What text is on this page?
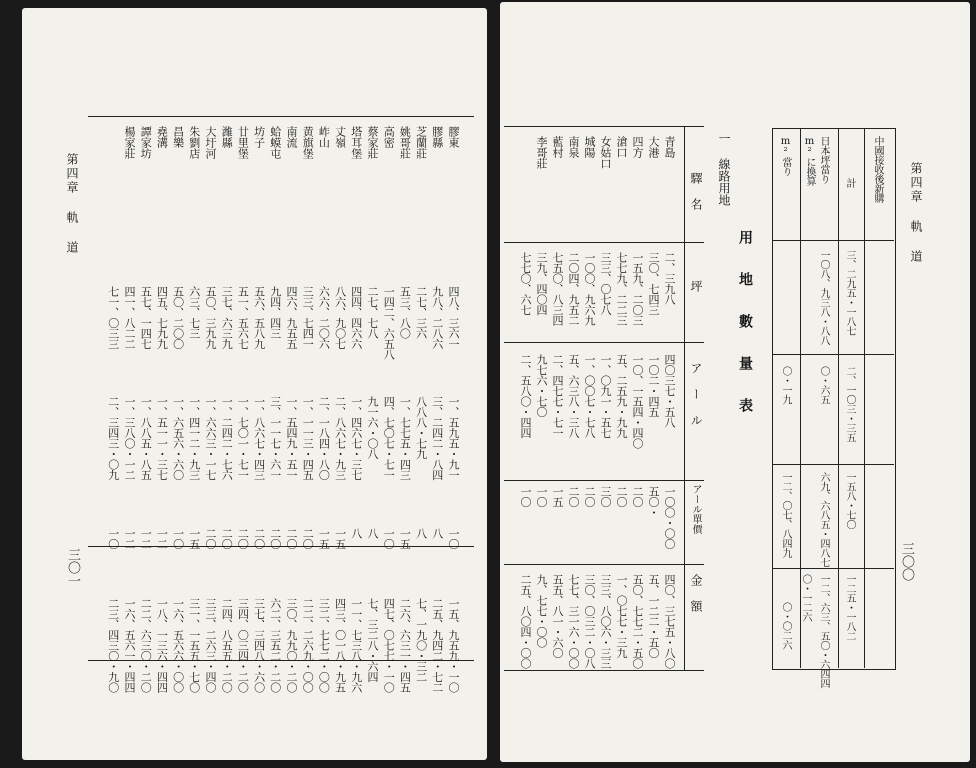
第四章 軌 道
三〇一
膠東
四八、三六一
一、五九五・九一
一〇
一五、九五九・一〇
膠縣
九八、二八六
三、二四二・八四
八
二五、九四二・七二
芝蘭莊
二七、三六
八八八・七九
八
七、一九〇・三二
姚哥莊
五三、八〇
一、七七五・四三
一五
二六、六三一・四五
高密
一四二、六五八
四、七〇七・七一
一〇
四七、〇七七・一〇
蔡家莊
二七、七八
九一六・〇八
八
七、三二八・六四
塔耳堡
四四、四六六
一、四六七・三七
八
一一、七三八・九六
丈嶺
八六、九〇七
二、八六七・九三
一五
四三、〇一八・九五
岞山
六六、二〇六
二、一八四・八〇
一五
三二、七七二・〇〇
黄旗堡
三三、七四一
一、一一三・四五
二〇
二二、二六九・〇〇
南流
四六、九五五
一、五四九・五一
二〇
三〇、九九〇・二〇
蛤蟆屯
九四、四三
三、一一七・六一
二〇
六二、三五二・二〇
坊子
五六、五八九
一、八六七・四三
二〇
三七、三四八・六〇
廿里堡
五一、五六七
一、七〇一・七一
二〇
三四、〇三四・二〇
濰縣
三七、六三九
一、二四二・七六
二〇
二四、八五五・二〇
大圩河
五〇、三九九
一、六六三・一七
二〇
三三、二六三・四〇
朱劉店
六三、七三
一、四一二・九三
一五
三一、一五五・七〇
昌樂
五〇、二〇〇
一、六五六・六〇
一〇
一六、五六六・〇〇
堯溝
四五、七九九
一、五一一・三七
一二
一八、一三六・四四
譚家坊
五七、一四七
一、八八五・八五
一二
二二、六三〇・二〇
楊家莊
四一、八二二
一、三八〇・一二
一二
一六、五六一・四四
七一、〇三三
二、三四三・〇九
一〇
二三、四三〇・九〇
第四章 軌 道
三〇〇
用 地 數 量 表
ㅡ 線路用地
驛 名
坪
ア ー ル
アール單價
金 額
青島
二、三九八
四〇三七・五八
一〇〇・〇〇
四〇、三七五・八〇
大港
三〇、七四三
一〇二・四五
五〇・
五、一二二・五〇
四方
一五九、二〇三
一〇、一五四・四〇
二〇
五〇、七七二・五〇
滄口
七七九、二二三
五、二五九・九九
二〇
一、〇七七・三九
女姑口
三三、〇七八
一、〇九一・五七
三〇
三三、八〇六・三三
城陽
一〇〇、九六九
一、〇〇七・七八
二〇
三〇、〇三二・〇八
南泉
二〇四、九五二
五、六三八・三八
二〇
七七、三一六・〇〇
藍村
七五〇、八三四
二、四七七・七一
一五
五五、八一・六〇
李哥莊
三九、四〇四
九七六・七〇
一〇
九、七七・〇〇
七七〇、六七
二、五八〇・四四
一〇
二五、八〇四・〇〇
中國接收後新購
計
日本坪當り
m²に換算
m²當り
三、二九五・一八七
二、一〇三・三五
一五八・七〇
一二五・一八二
一〇八、九三八・八八
〇・六五
六九、六八五・四八七
一二、六三、五〇・六四四
〇・一九
一二、〇七、八四九
〇・一二六
〇・〇二六
